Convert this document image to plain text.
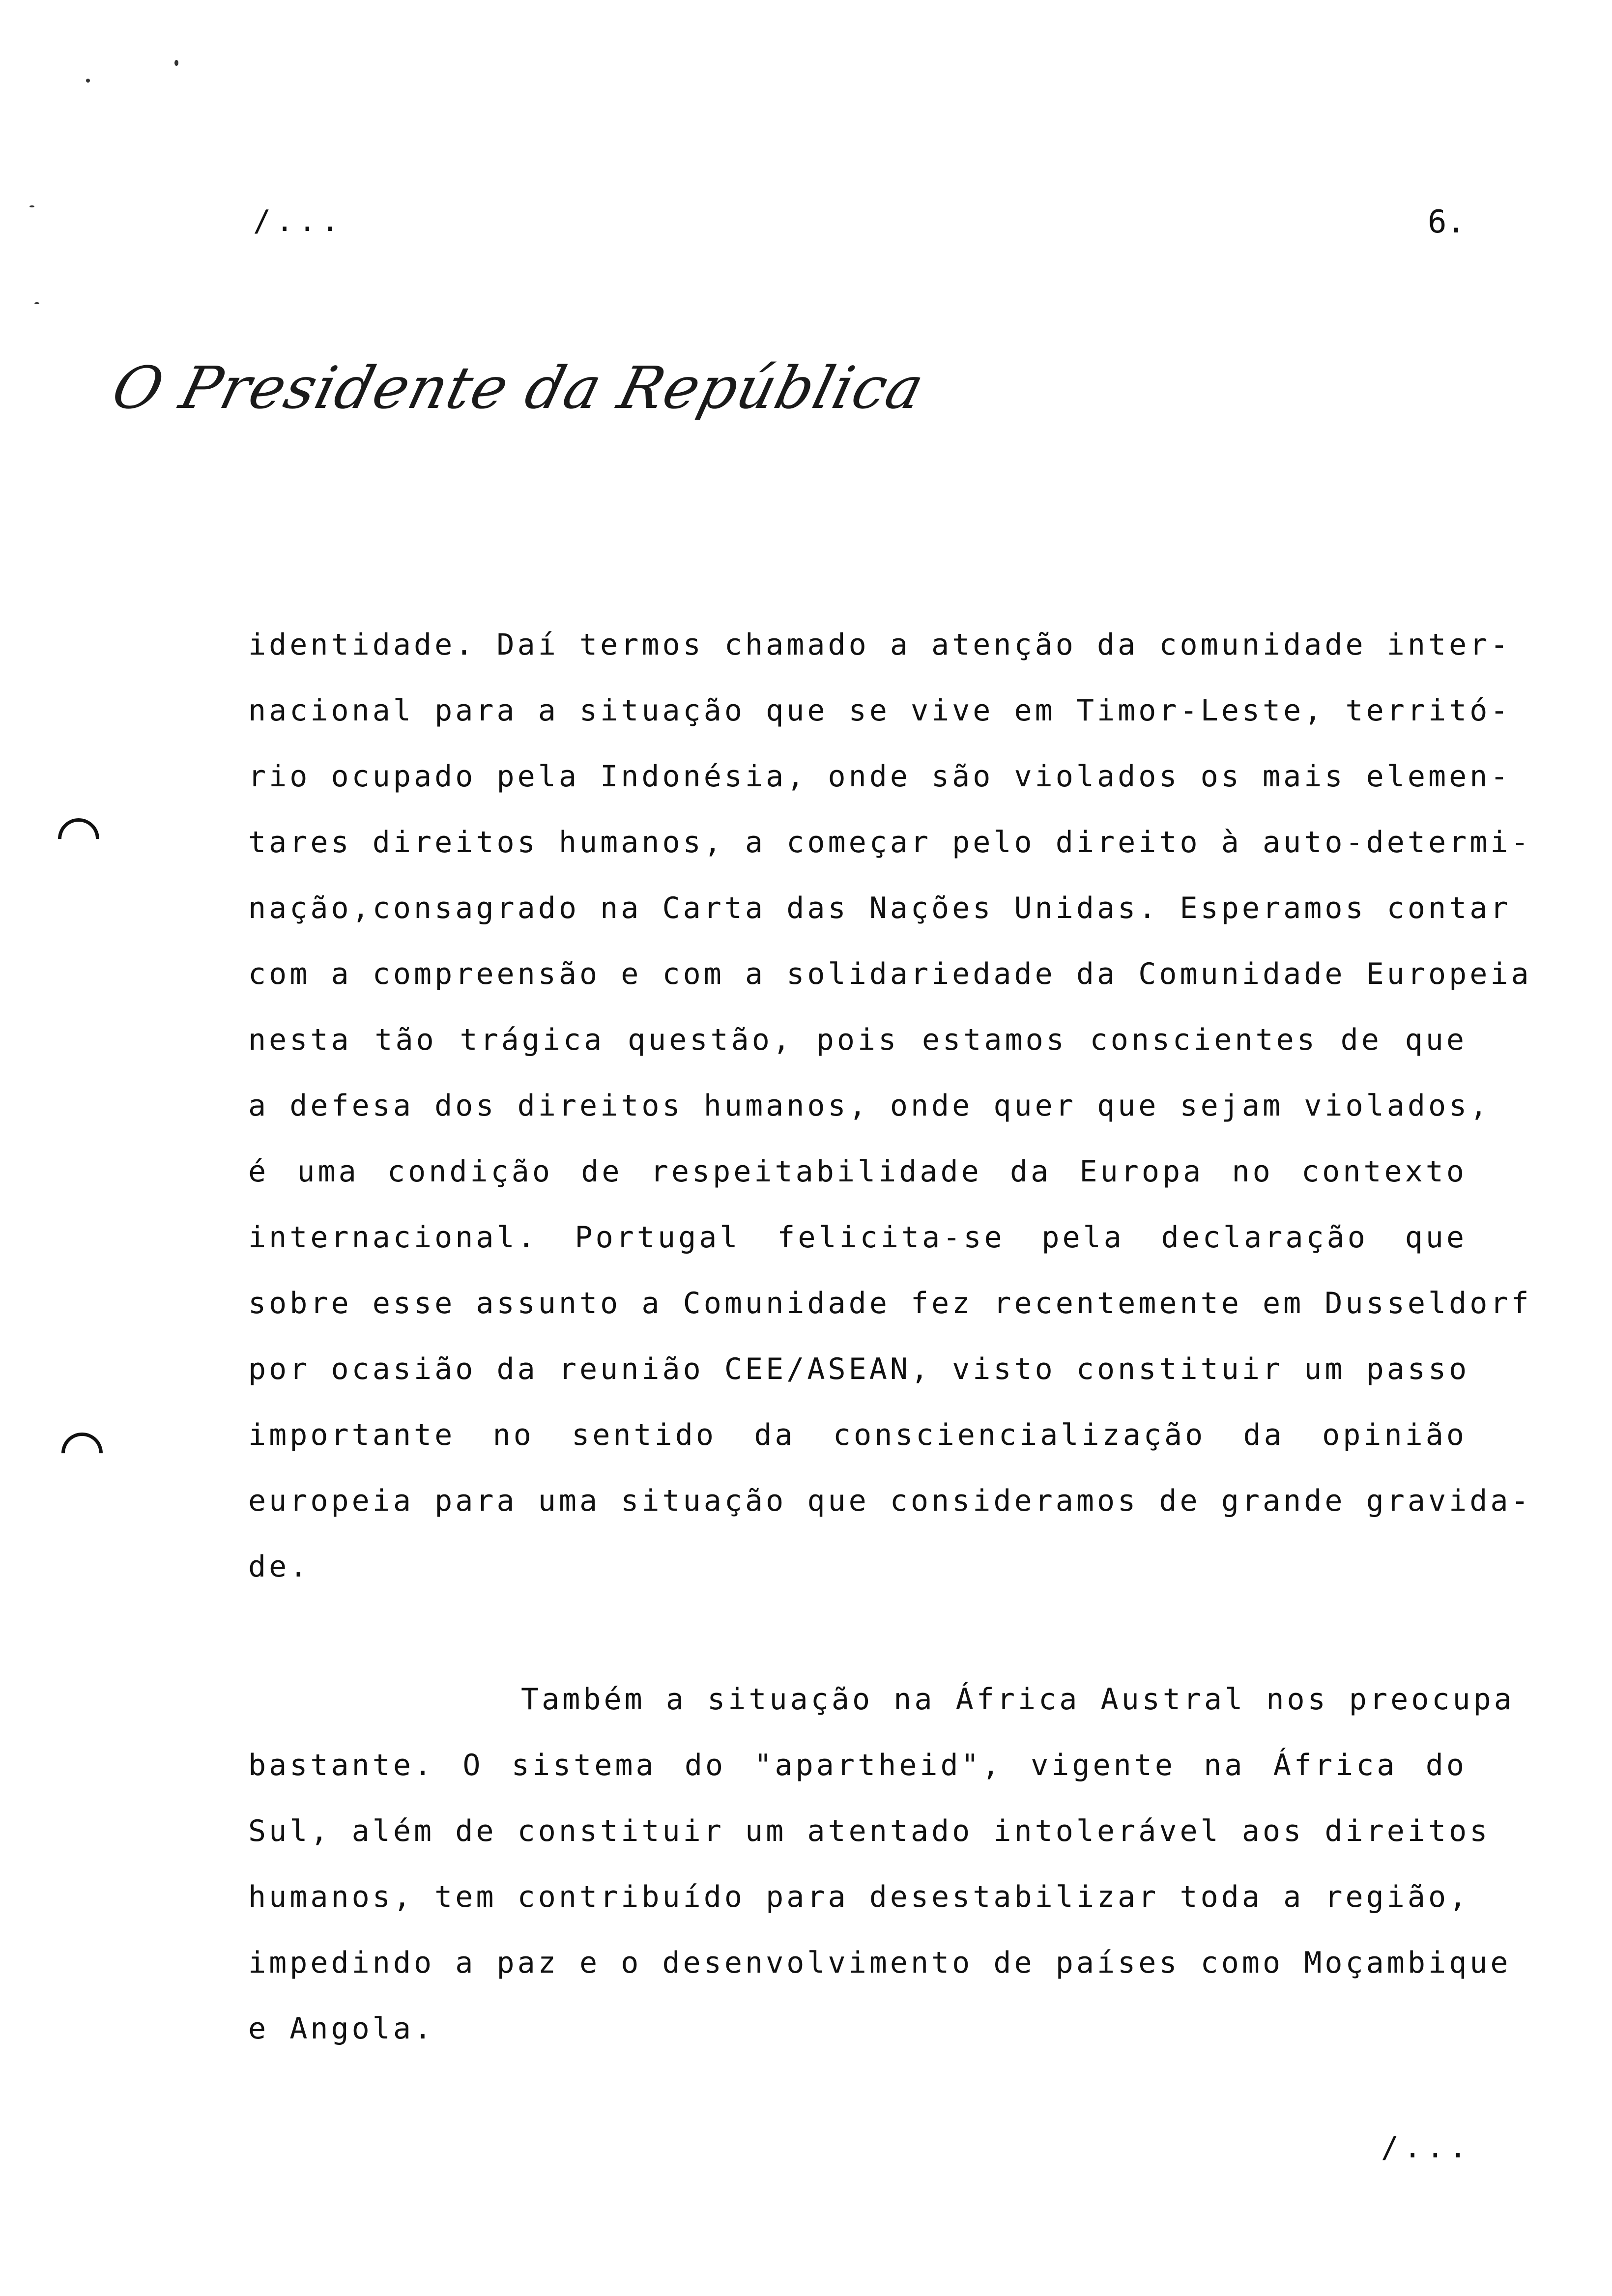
/...	6.
O Presidente da República
identidade. Daí termos chamado a atenção da comunidade inter-
nacional para a situação que se vive em Timor-Leste, territó-
rio ocupado pela Indonésia, onde são violados os mais elemen-
tares direitos humanos, a começar pelo direito à auto-determi-
nação,consagrado na Carta das Nações Unidas. Esperamos contar
com a compreensão e com a solidariedade da Comunidade Europeia
nesta tão trágica questão, pois estamos conscientes de que
a defesa dos direitos humanos, onde quer que sejam violados,
é uma condição de respeitabilidade da Europa no contexto
internacional. Portugal felicita-se pela declaração que
sobre esse assunto a Comunidade fez recentemente em Dusseldorf
por ocasião da reunião CEE/ASEAN, visto constituir um passo
importante no sentido da consciencialização da opinião
europeia para uma situação que consideramos de grande gravida-
de.
Também a situação na África Austral nos preocupa
bastante. O sistema do "apartheid", vigente na África do
Sul, além de constituir um atentado intolerável aos direitos
humanos, tem contribuído para desestabilizar toda a região,
impedindo a paz e o desenvolvimento de países como Moçambique
e Angola.
/...
